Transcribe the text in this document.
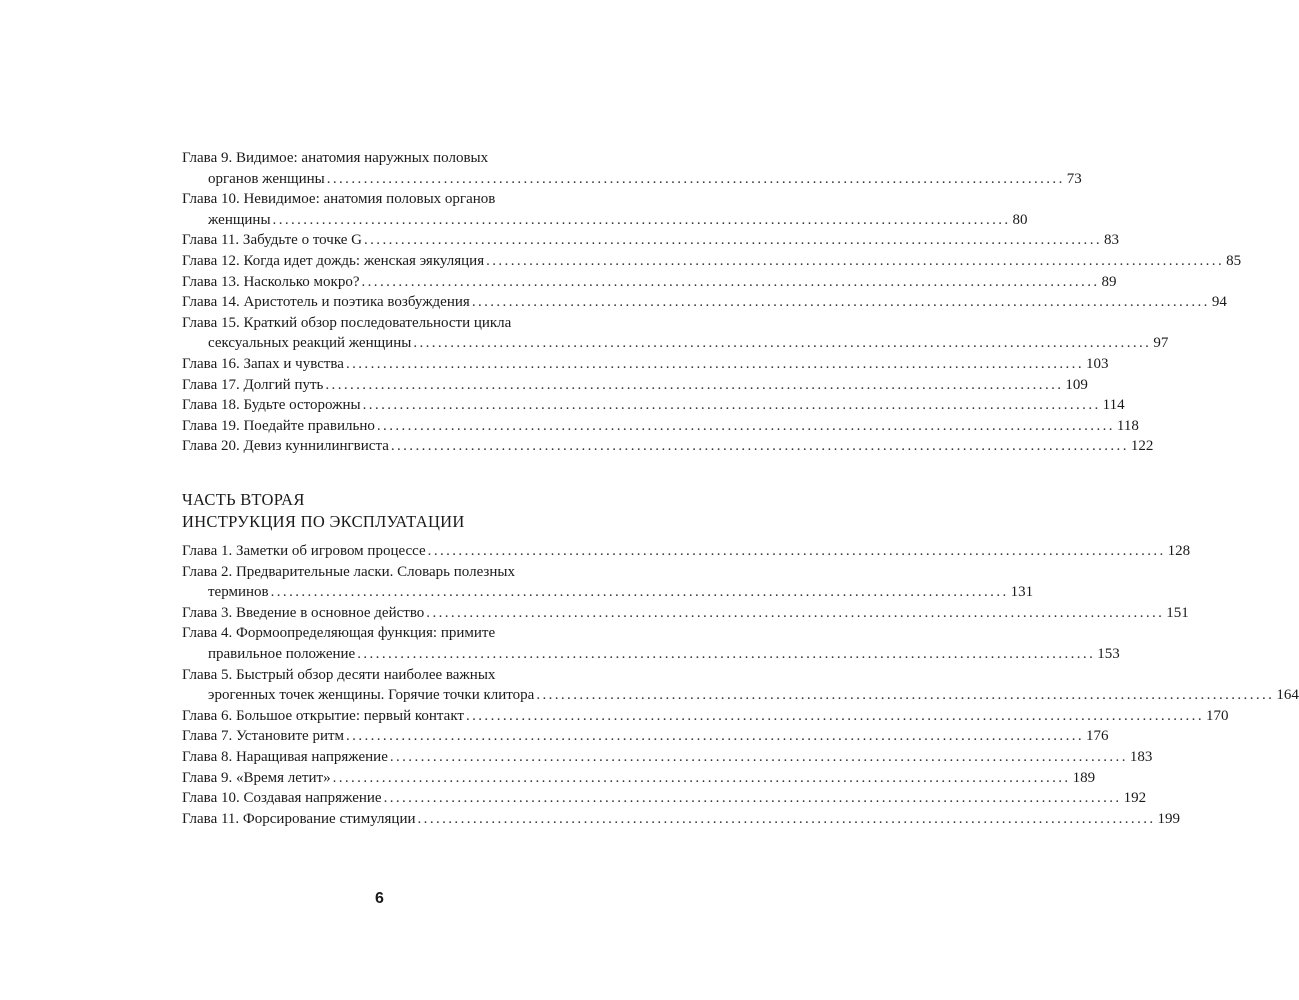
Глава 9. Видимое: анатомия наружных половых
органов женщины ........................................................................................................................ 73
Глава 10. Невидимое: анатомия половых органов
женщины ........................................................................................................................ 80
Глава 11. Забудьте о точке G ........................................................................................................................ 83
Глава 12. Когда идет дождь: женская эякуляция ........................................................................................................................ 85
Глава 13. Насколько мокро? ........................................................................................................................ 89
Глава 14. Аристотель и поэтика возбуждения ........................................................................................................................ 94
Глава 15. Краткий обзор последовательности цикла
сексуальных реакций женщины ........................................................................................................................ 97
Глава 16. Запах и чувства ........................................................................................................................ 103
Глава 17. Долгий путь ........................................................................................................................ 109
Глава 18. Будьте осторожны ........................................................................................................................ 114
Глава 19. Поедайте правильно ........................................................................................................................ 118
Глава 20. Девиз куннилингвиста ........................................................................................................................ 122
ЧАСТЬ ВТОРАЯ
ИНСТРУКЦИЯ ПО ЭКСПЛУАТАЦИИ
Глава 1. Заметки об игровом процессе ........................................................................................................................ 128
Глава 2. Предварительные ласки. Словарь полезных
терминов ........................................................................................................................ 131
Глава 3. Введение в основное действо ........................................................................................................................ 151
Глава 4. Формоопределяющая функция: примите
правильное положение ........................................................................................................................ 153
Глава 5. Быстрый обзор десяти наиболее важных
эрогенных точек женщины. Горячие точки клитора ........................................................................................................................ 164
Глава 6. Большое открытие: первый контакт ........................................................................................................................ 170
Глава 7. Установите ритм ........................................................................................................................ 176
Глава 8. Наращивая напряжение ........................................................................................................................ 183
Глава 9. «Время летит» ........................................................................................................................ 189
Глава 10. Создавая напряжение ........................................................................................................................ 192
Глава 11. Форсирование стимуляции ........................................................................................................................ 199
6
